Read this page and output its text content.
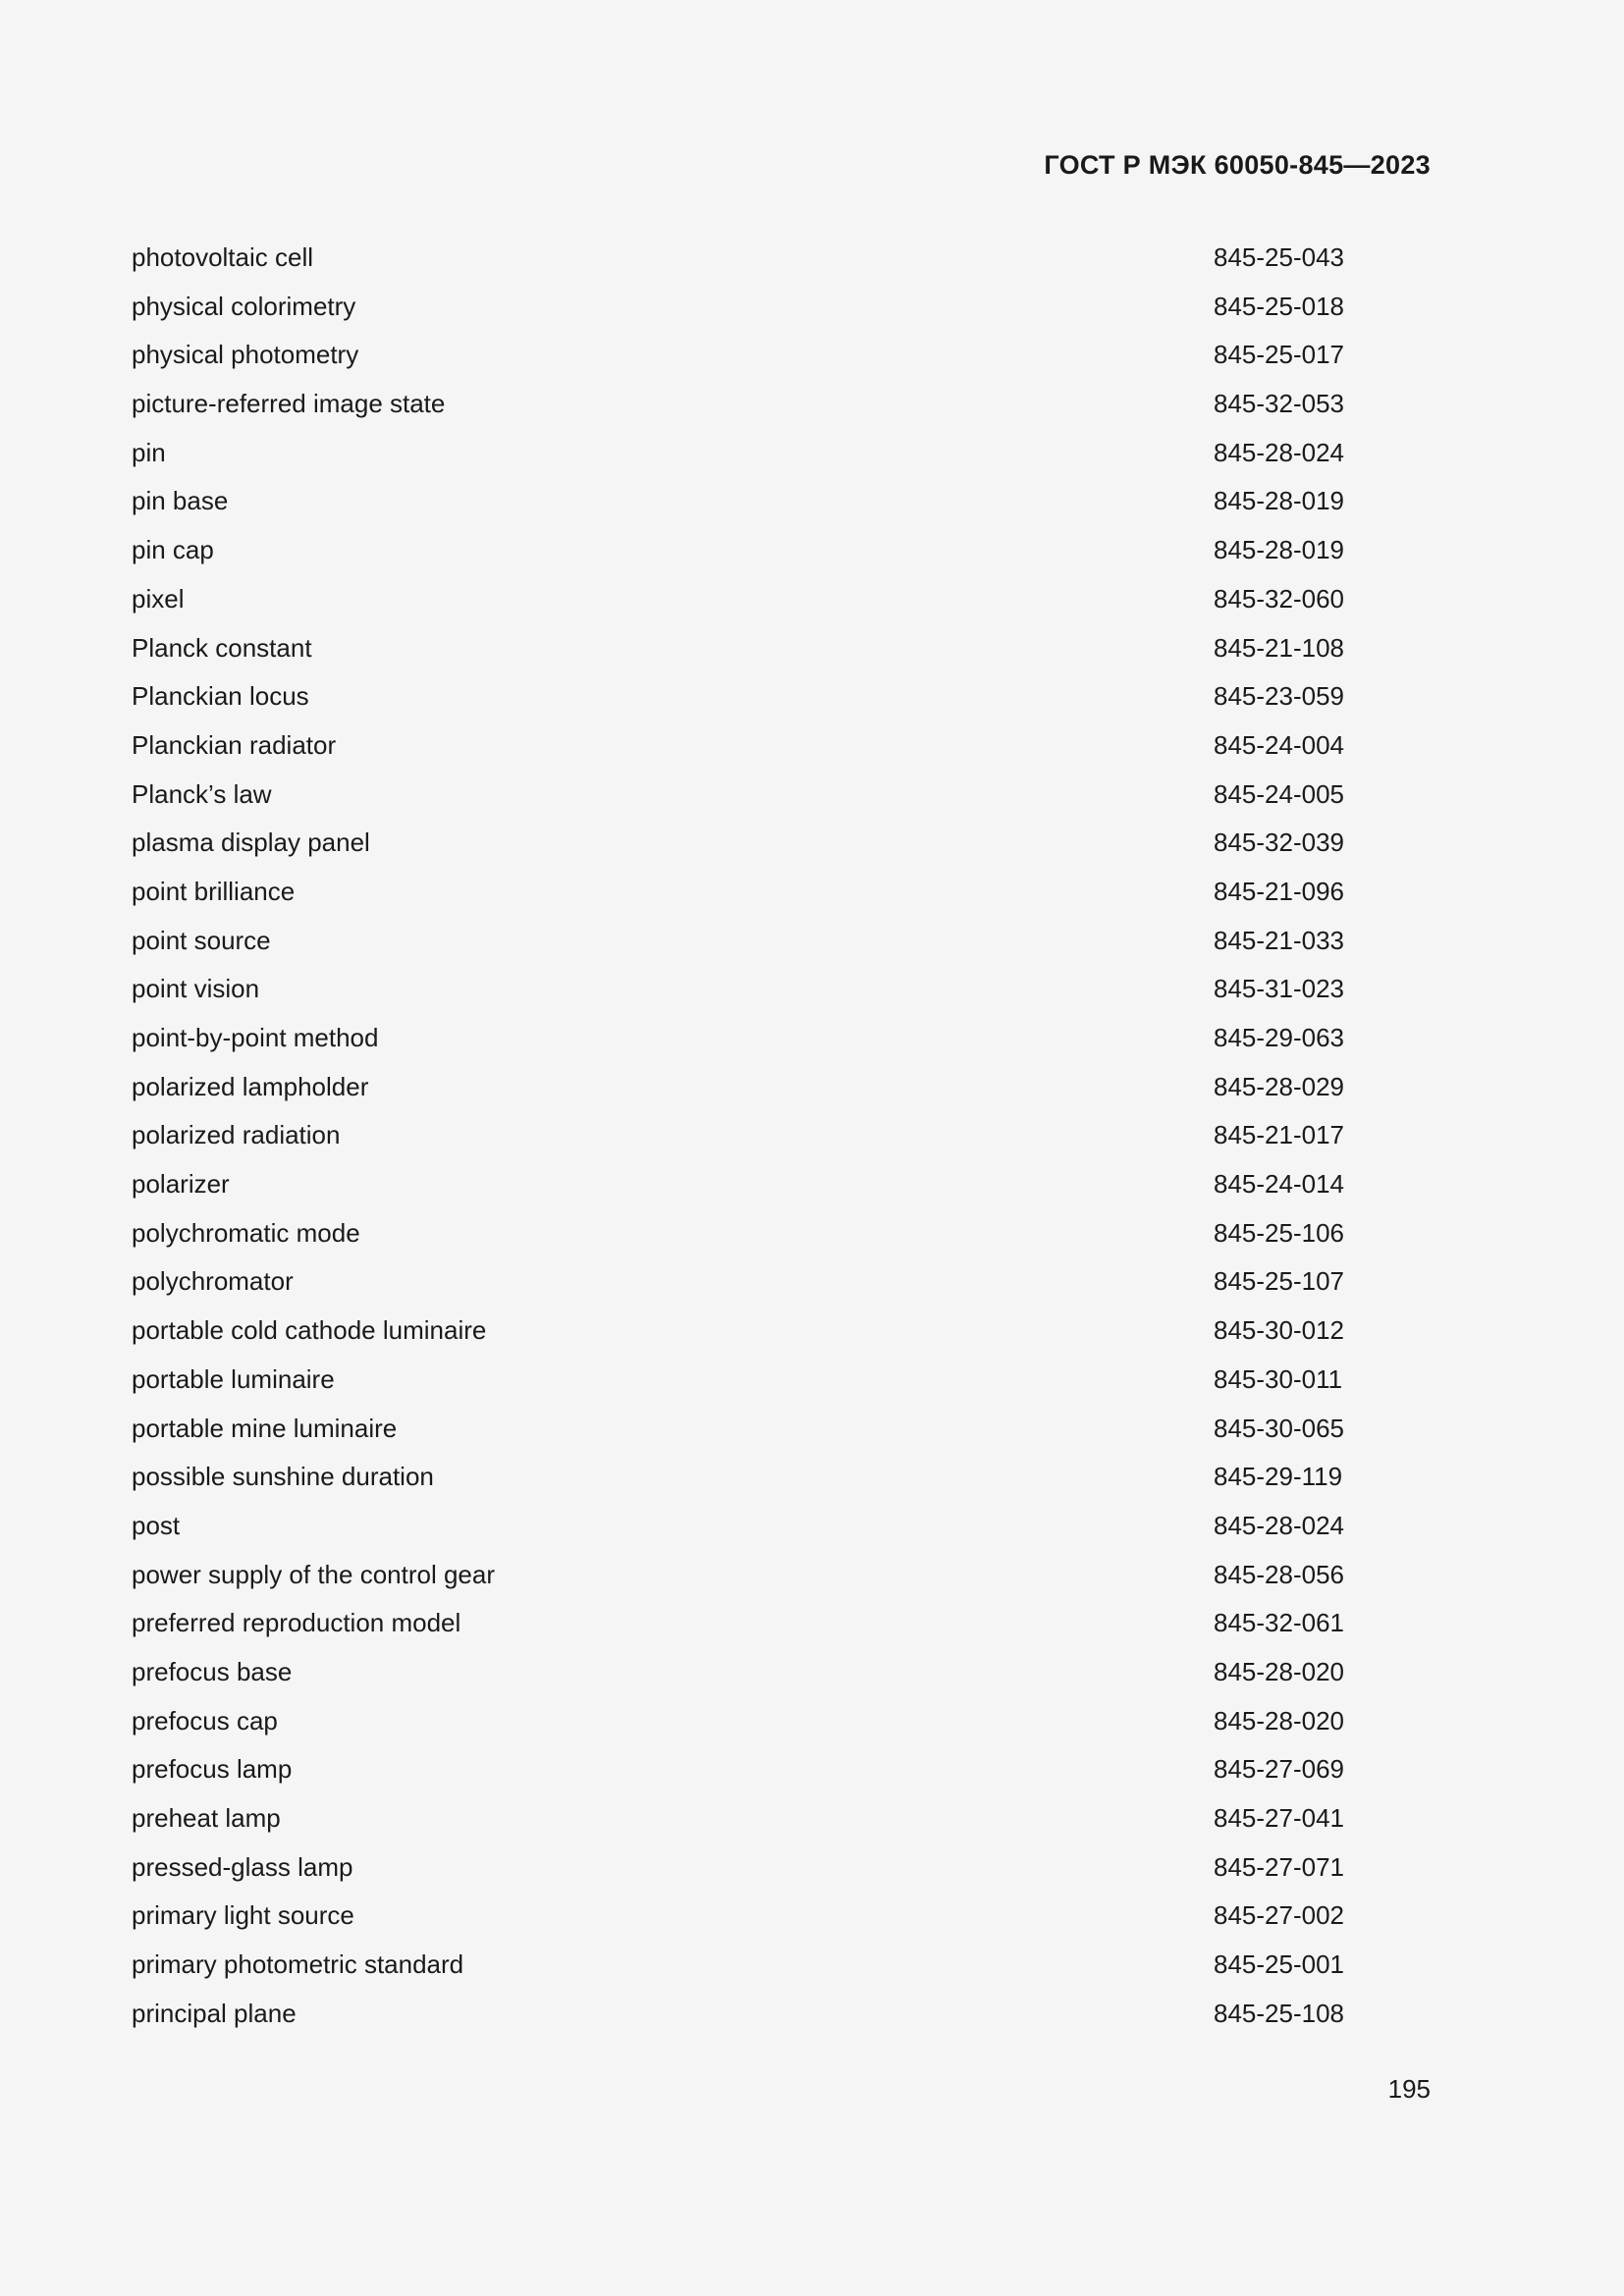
ГОСТ Р МЭК 60050-845—2023
photovoltaic cell	845-25-043
physical colorimetry	845-25-018
physical photometry	845-25-017
picture-referred image state	845-32-053
pin	845-28-024
pin base	845-28-019
pin cap	845-28-019
pixel	845-32-060
Planck constant	845-21-108
Planckian locus	845-23-059
Planckian radiator	845-24-004
Planck’s law	845-24-005
plasma display panel	845-32-039
point brilliance	845-21-096
point source	845-21-033
point vision	845-31-023
point-by-point method	845-29-063
polarized lampholder	845-28-029
polarized radiation	845-21-017
polarizer	845-24-014
polychromatic mode	845-25-106
polychromator	845-25-107
portable cold cathode luminaire	845-30-012
portable luminaire	845-30-011
portable mine luminaire	845-30-065
possible sunshine duration	845-29-119
post	845-28-024
power supply of the control gear	845-28-056
preferred reproduction model	845-32-061
prefocus base	845-28-020
prefocus cap	845-28-020
prefocus lamp	845-27-069
preheat lamp	845-27-041
pressed-glass lamp	845-27-071
primary light source	845-27-002
primary photometric standard	845-25-001
principal plane	845-25-108
195
